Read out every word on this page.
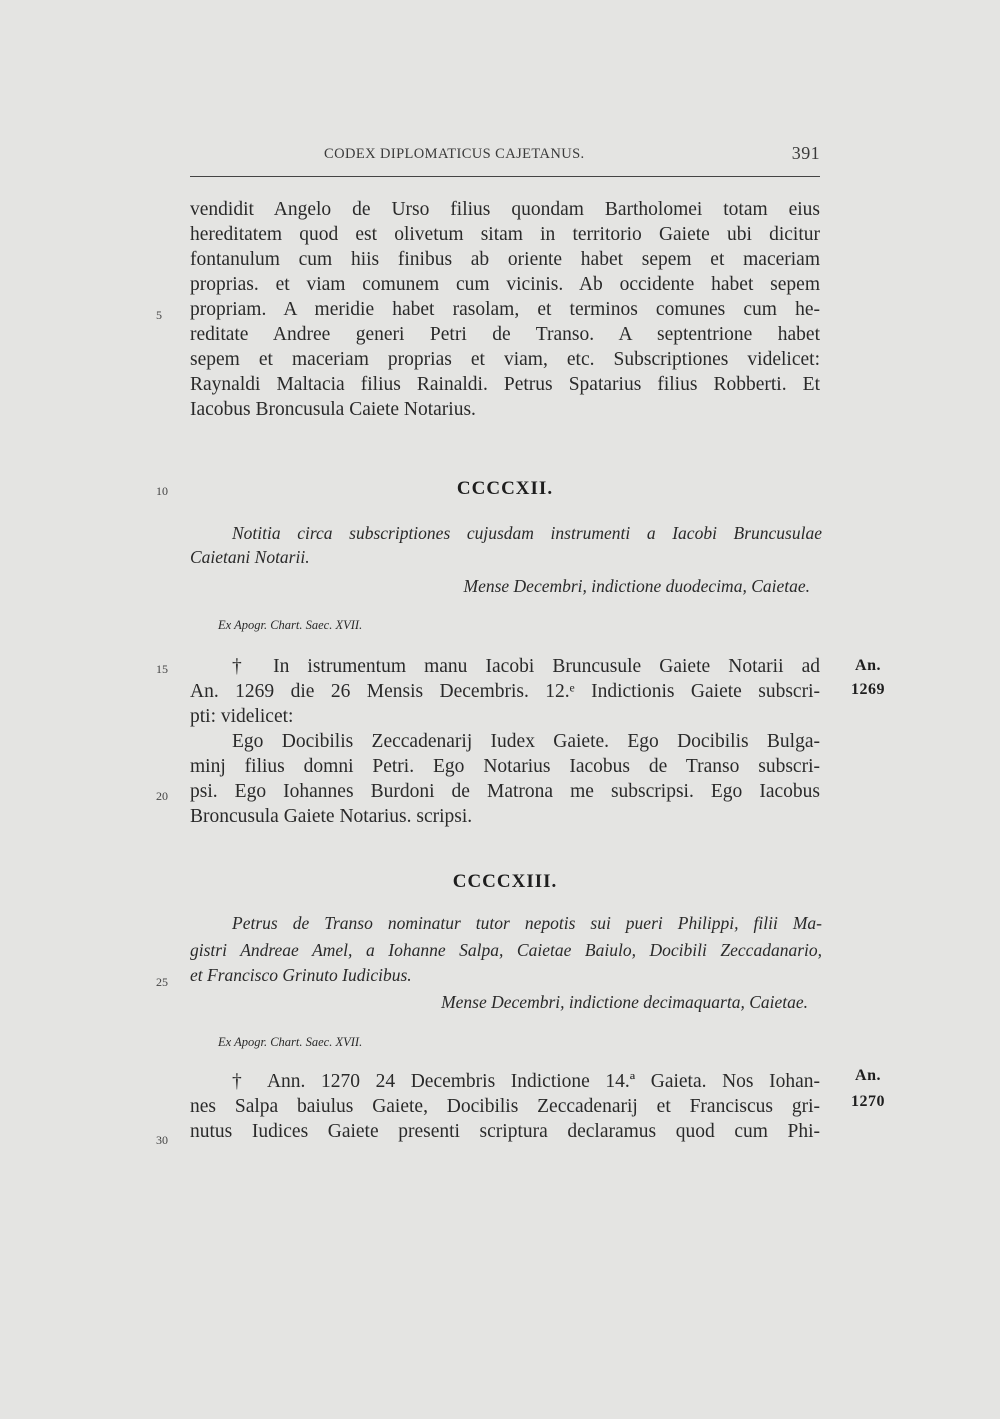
CODEX DIPLOMATICUS CAJETANUS.	391
5
10
15
20
25
30
vendidit Angelo de Urso filius quondam Bartholomei totam eius
hereditatem quod est olivetum sitam in territorio Gaiete ubi dicitur
fontanulum cum hiis finibus ab oriente habet sepem et maceriam
proprias. et viam comunem cum vicinis. Ab occidente habet sepem
propriam. A meridie habet rasolam, et terminos comunes cum he-
reditate Andree generi Petri de Transo. A septentrione habet
sepem et maceriam proprias et viam, etc. Subscriptiones videlicet:
Raynaldi Maltacia filius Rainaldi. Petrus Spatarius filius Robberti. Et
Iacobus Broncusula Caiete Notarius.
CCCCXII.
Notitia circa subscriptiones cujusdam instrumenti a Iacobi Bruncusulae
Caietani Notarii.
Mense Decembri, indictione duodecima, Caietae.
Ex Apogr. Chart. Saec. XVII.
An.
1269
† In istrumentum manu Iacobi Bruncusule Gaiete Notarii ad
An. 1269 die 26 Mensis Decembris. 12.ᵉ Indictionis Gaiete subscri-
pti: videlicet:
Ego Docibilis Zeccadenarij Iudex Gaiete. Ego Docibilis Bulga-
minj filius domni Petri. Ego Notarius Iacobus de Transo subscri-
psi. Ego Iohannes Burdoni de Matrona me subscripsi. Ego Iacobus
Broncusula Gaiete Notarius. scripsi.
CCCCXIII.
Petrus de Transo nominatur tutor nepotis sui pueri Philippi, filii Ma-
gistri Andreae Amel, a Iohanne Salpa, Caietae Baiulo, Docibili Zeccadanario,
et Francisco Grinuto Iudicibus.
Mense Decembri, indictione decimaquarta, Caietae.
Ex Apogr. Chart. Saec. XVII.
An.
1270
† Ann. 1270 24 Decembris Indictione 14.ª Gaieta. Nos Iohan-
nes Salpa baiulus Gaiete, Docibilis Zeccadenarij et Franciscus gri-
nutus Iudices Gaiete presenti scriptura declaramus quod cum Phi-
